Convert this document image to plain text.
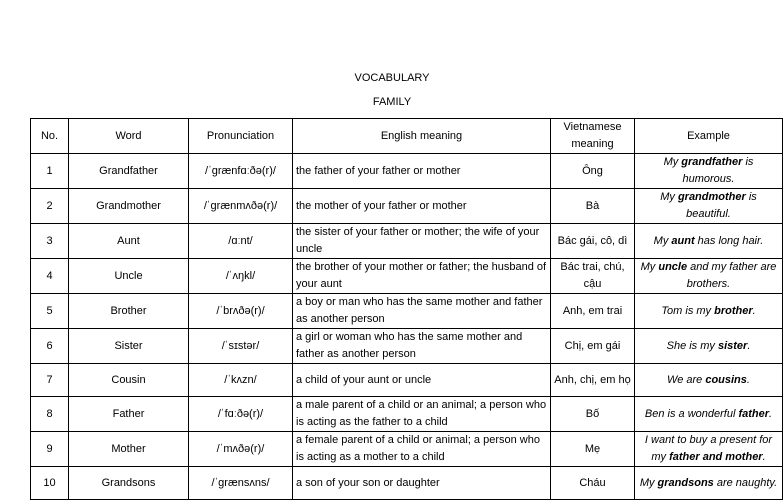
VOCABULARY
FAMILY
No.	Word	Pronunciation	English meaning	Vietnamese meaning	Example
1	Grandfather	/ˈɡrænfɑːðə(r)/	the father of your father or mother	Ông	My grandfather is humorous.
2	Grandmother	/ˈɡrænmʌðə(r)/	the mother of your father or mother	Bà	My grandmother is beautiful.
3	Aunt	/ɑːnt/	the sister of your father or mother; the wife of your uncle	Bác gái, cô, dì	My aunt has long hair.
4	Uncle	/ˈʌŋkl/	the brother of your mother or father; the husband of your aunt	Bác trai, chú, cậu	My uncle and my father are brothers.
5	Brother	/ˈbrʌðə(r)/	a boy or man who has the same mother and father as another person	Anh, em trai	Tom is my brother.
6	Sister	/ˈsɪstər/	a girl or woman who has the same mother and father as another person	Chị, em gái	She is my sister.
7	Cousin	/ˈkʌzn/	a child of your aunt or uncle	Anh, chị, em họ	We are cousins.
8	Father	/ˈfɑːðə(r)/	a male parent of a child or an animal; a person who is acting as the father to a child	Bố	Ben is a wonderful father.
9	Mother	/ˈmʌðə(r)/	a female parent of a child or animal; a person who is acting as a mother to a child	Mẹ	I want to buy a present for my father and mother.
10	Grandsons	/ˈɡrænsʌns/	a son of your son or daughter	Cháu	My grandsons are naughty.
